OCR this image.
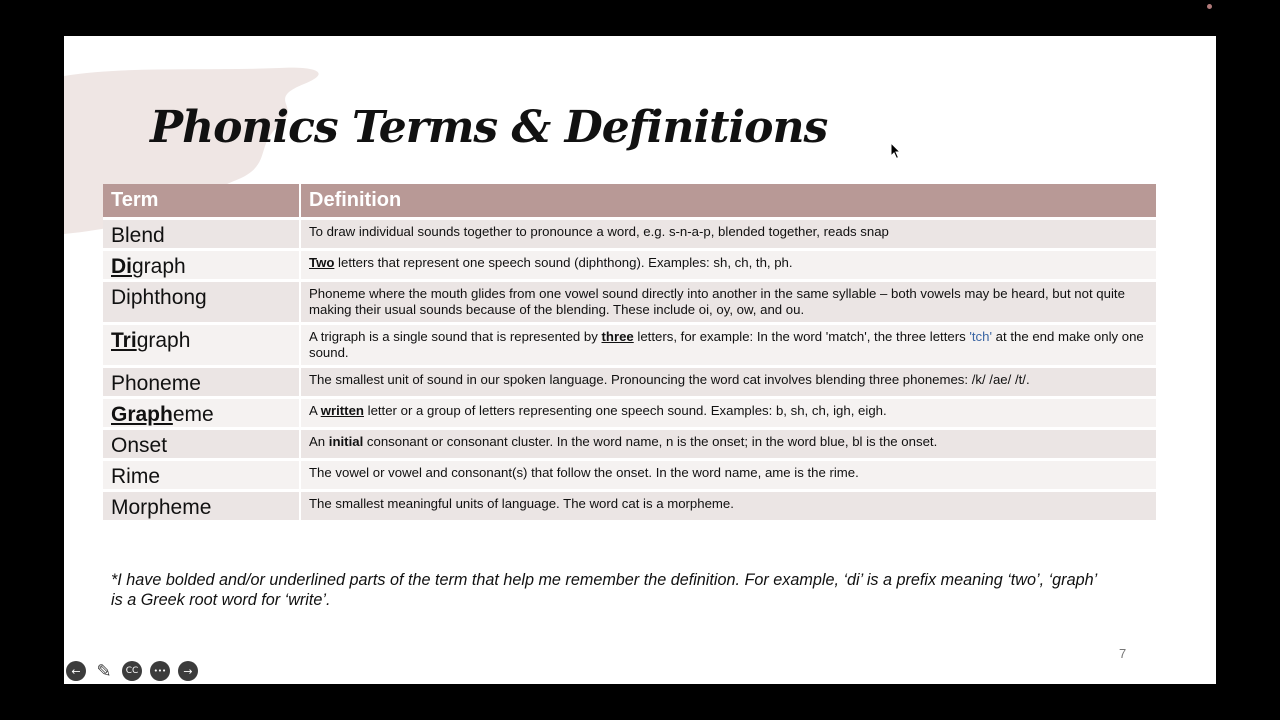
Phonics Terms & Definitions
Term	Definition
Blend	To draw individual sounds together to pronounce a word, e.g. s-n-a-p, blended together, reads snap
Digraph	Two letters that represent one speech sound (diphthong). Examples: sh, ch, th, ph.
Diphthong	Phoneme where the mouth glides from one vowel sound directly into another in the same syllable – both vowels may be heard, but not quite making their usual sounds because of the blending. These include oi, oy, ow, and ou.
Trigraph	A trigraph is a single sound that is represented by three letters, for example: In the word 'match', the three letters 'tch' at the end make only one sound.
Phoneme	The smallest unit of sound in our spoken language. Pronouncing the word cat involves blending three phonemes: /k/ /ae/ /t/.
Grapheme	A written letter or a group of letters representing one speech sound. Examples: b, sh, ch, igh, eigh.
Onset	An initial consonant or consonant cluster. In the word name, n is the onset; in the word blue, bl is the onset.
Rime	The vowel or vowel and consonant(s) that follow the onset. In the word name, ame is the rime.
Morpheme	The smallest meaningful units of language. The word cat is a morpheme.

*I have bolded and/or underlined parts of the term that help me remember the definition. For example, ‘di’ is a prefix meaning ‘two’, ‘graph’ is a Greek root word for ‘write’.

7
← ✎ CC ••• →
